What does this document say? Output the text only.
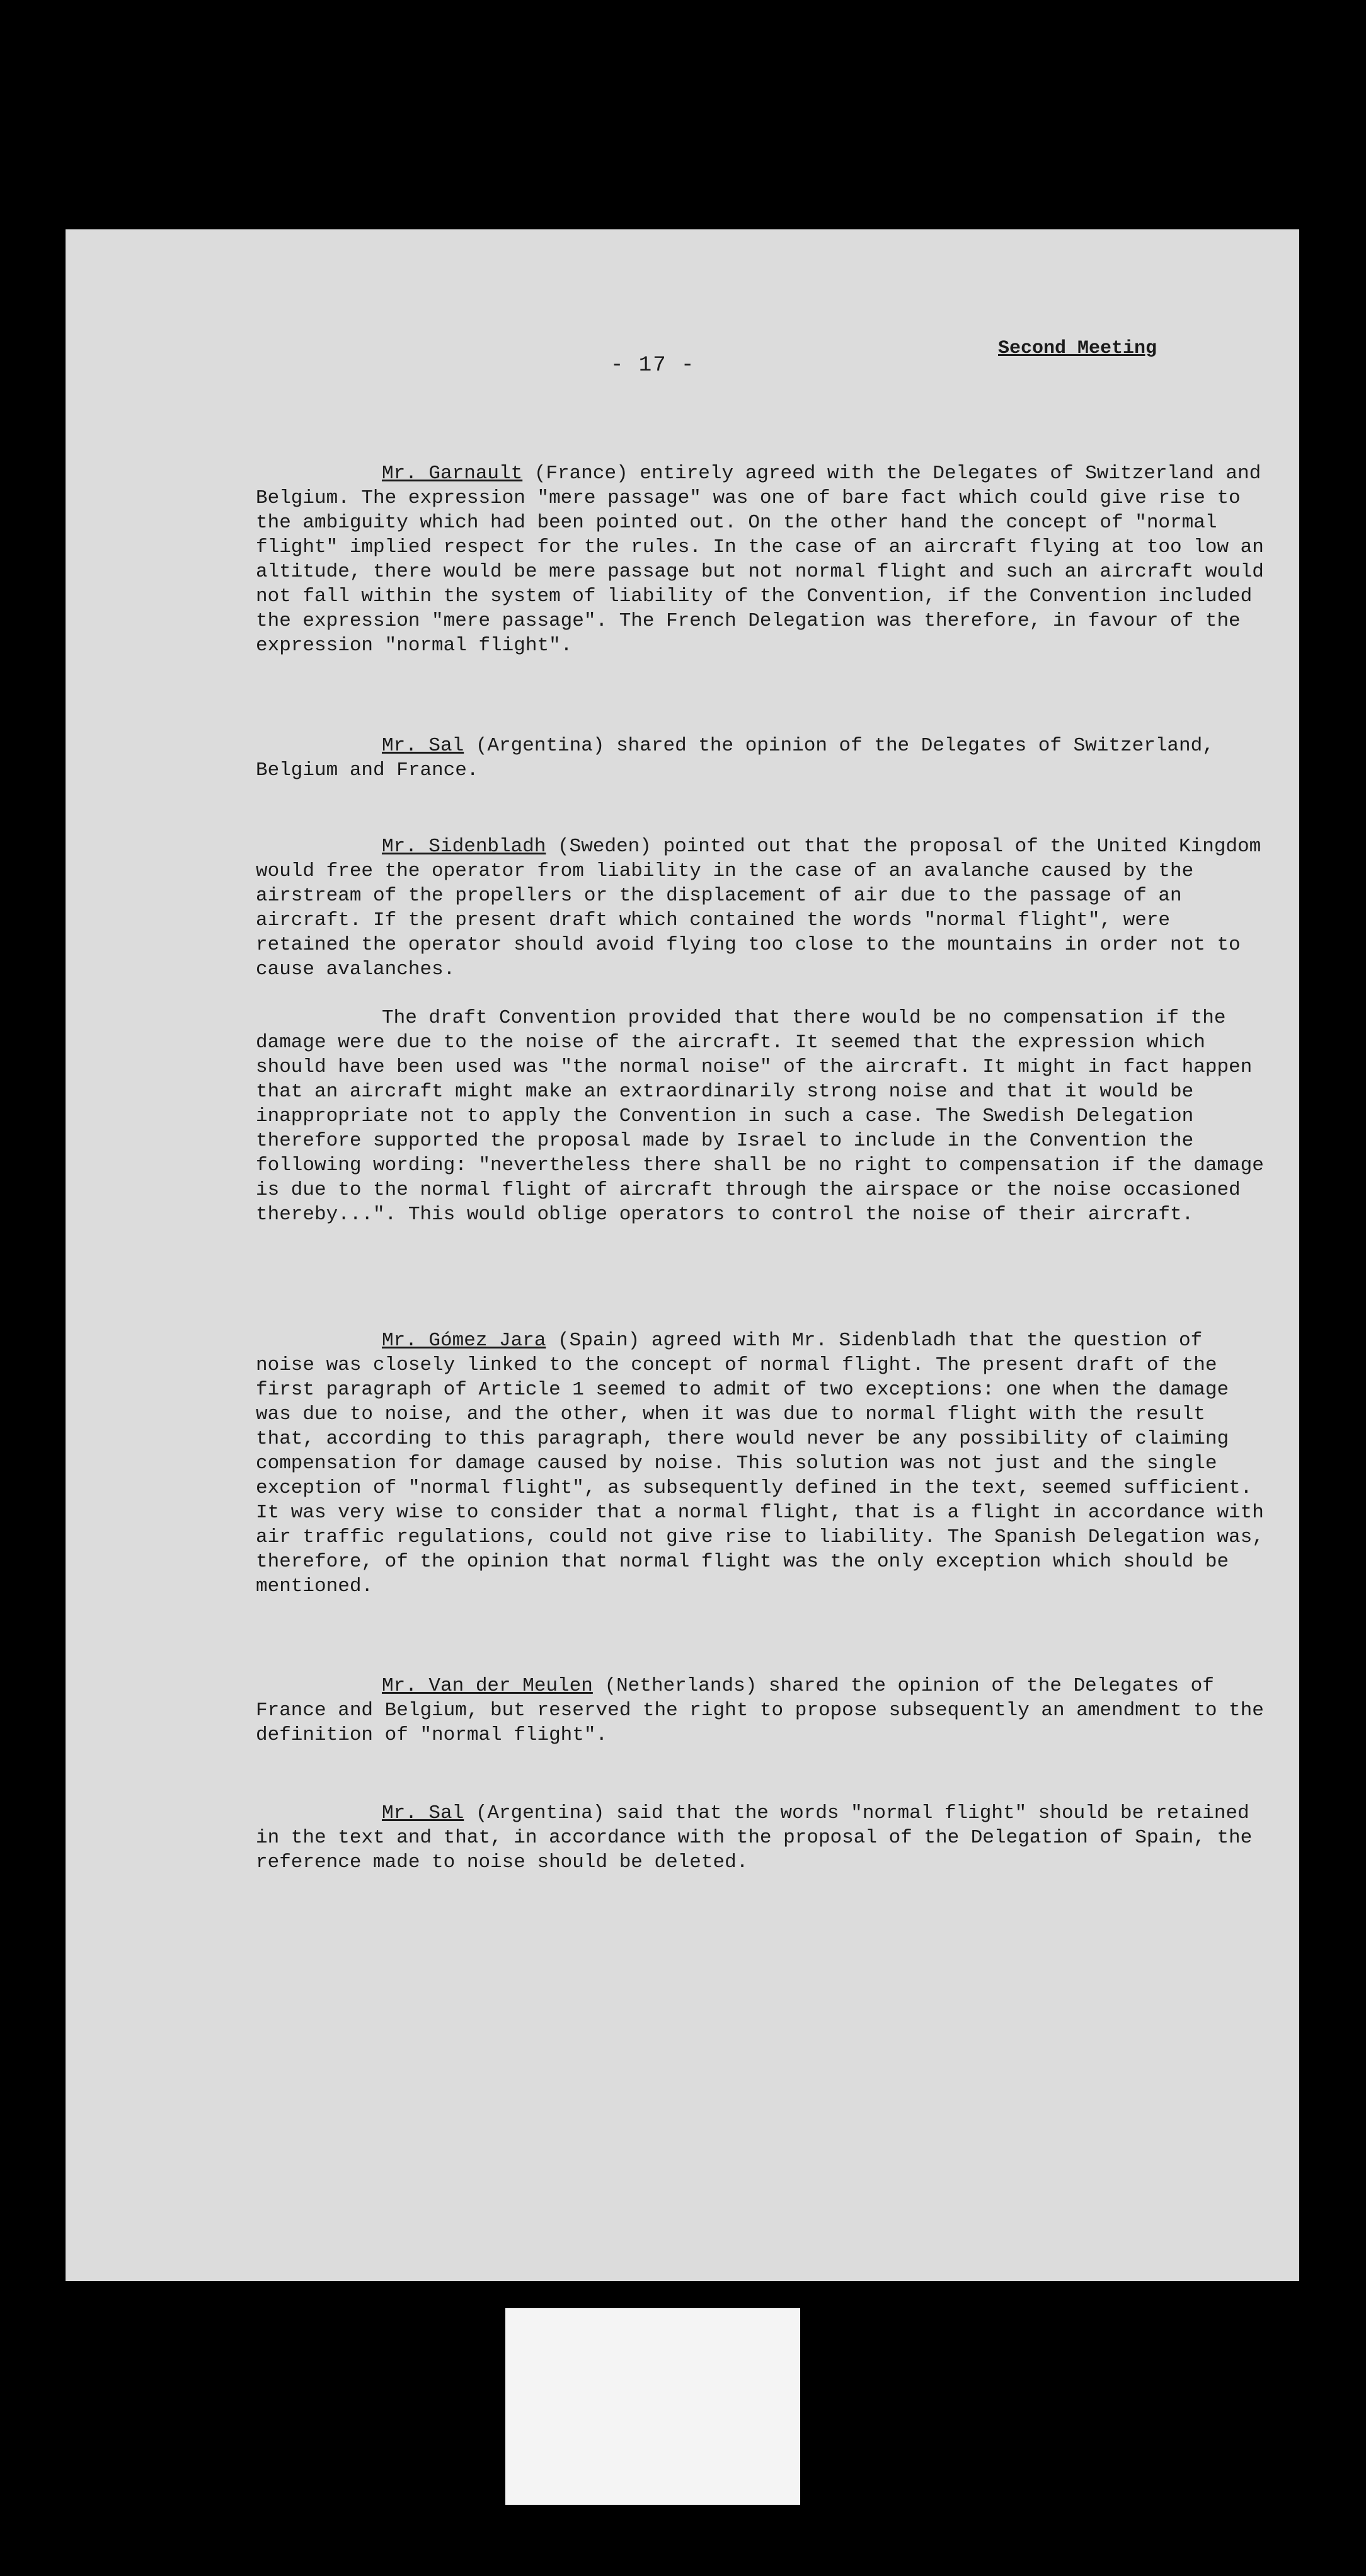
- 17 -
Second Meeting

Mr. Garnault (France) entirely agreed with the Delegates of Switzerland and Belgium. The expression "mere passage" was one of bare fact which could give rise to the ambiguity which had been pointed out. On the other hand the concept of "normal flight" implied respect for the rules. In the case of an aircraft flying at too low an altitude, there would be mere passage but not normal flight and such an aircraft would not fall within the system of liability of the Convention, if the Convention included the expression "mere passage". The French Delegation was therefore, in favour of the expression "normal flight".

Mr. Sal (Argentina) shared the opinion of the Delegates of Switzerland, Belgium and France.

Mr. Sidenbladh (Sweden) pointed out that the proposal of the United Kingdom would free the operator from liability in the case of an avalanche caused by the airstream of the propellers or the displacement of air due to the passage of an aircraft. If the present draft which contained the words "normal flight", were retained the operator should avoid flying too close to the mountains in order not to cause avalanches.

The draft Convention provided that there would be no compensation if the damage were due to the noise of the aircraft. It seemed that the expression which should have been used was "the normal noise" of the aircraft. It might in fact happen that an aircraft might make an extraordinarily strong noise and that it would be inappropriate not to apply the Convention in such a case. The Swedish Delegation therefore supported the proposal made by Israel to include in the Convention the following wording: "nevertheless there shall be no right to compensation if the damage is due to the normal flight of aircraft through the airspace or the noise occasioned thereby...". This would oblige operators to control the noise of their aircraft.

Mr. Gómez Jara (Spain) agreed with Mr. Sidenbladh that the question of noise was closely linked to the concept of normal flight. The present draft of the first paragraph of Article 1 seemed to admit of two exceptions: one when the damage was due to noise, and the other, when it was due to normal flight with the result that, according to this paragraph, there would never be any possibility of claiming compensation for damage caused by noise. This solution was not just and the single exception of "normal flight", as subsequently defined in the text, seemed sufficient. It was very wise to consider that a normal flight, that is a flight in accordance with air traffic regulations, could not give rise to liability. The Spanish Delegation was, therefore, of the opinion that normal flight was the only exception which should be mentioned.

Mr. Van der Meulen (Netherlands) shared the opinion of the Delegates of France and Belgium, but reserved the right to propose subsequently an amendment to the definition of "normal flight".

Mr. Sal (Argentina) said that the words "normal flight" should be retained in the text and that, in accordance with the proposal of the Delegation of Spain, the reference made to noise should be deleted.
